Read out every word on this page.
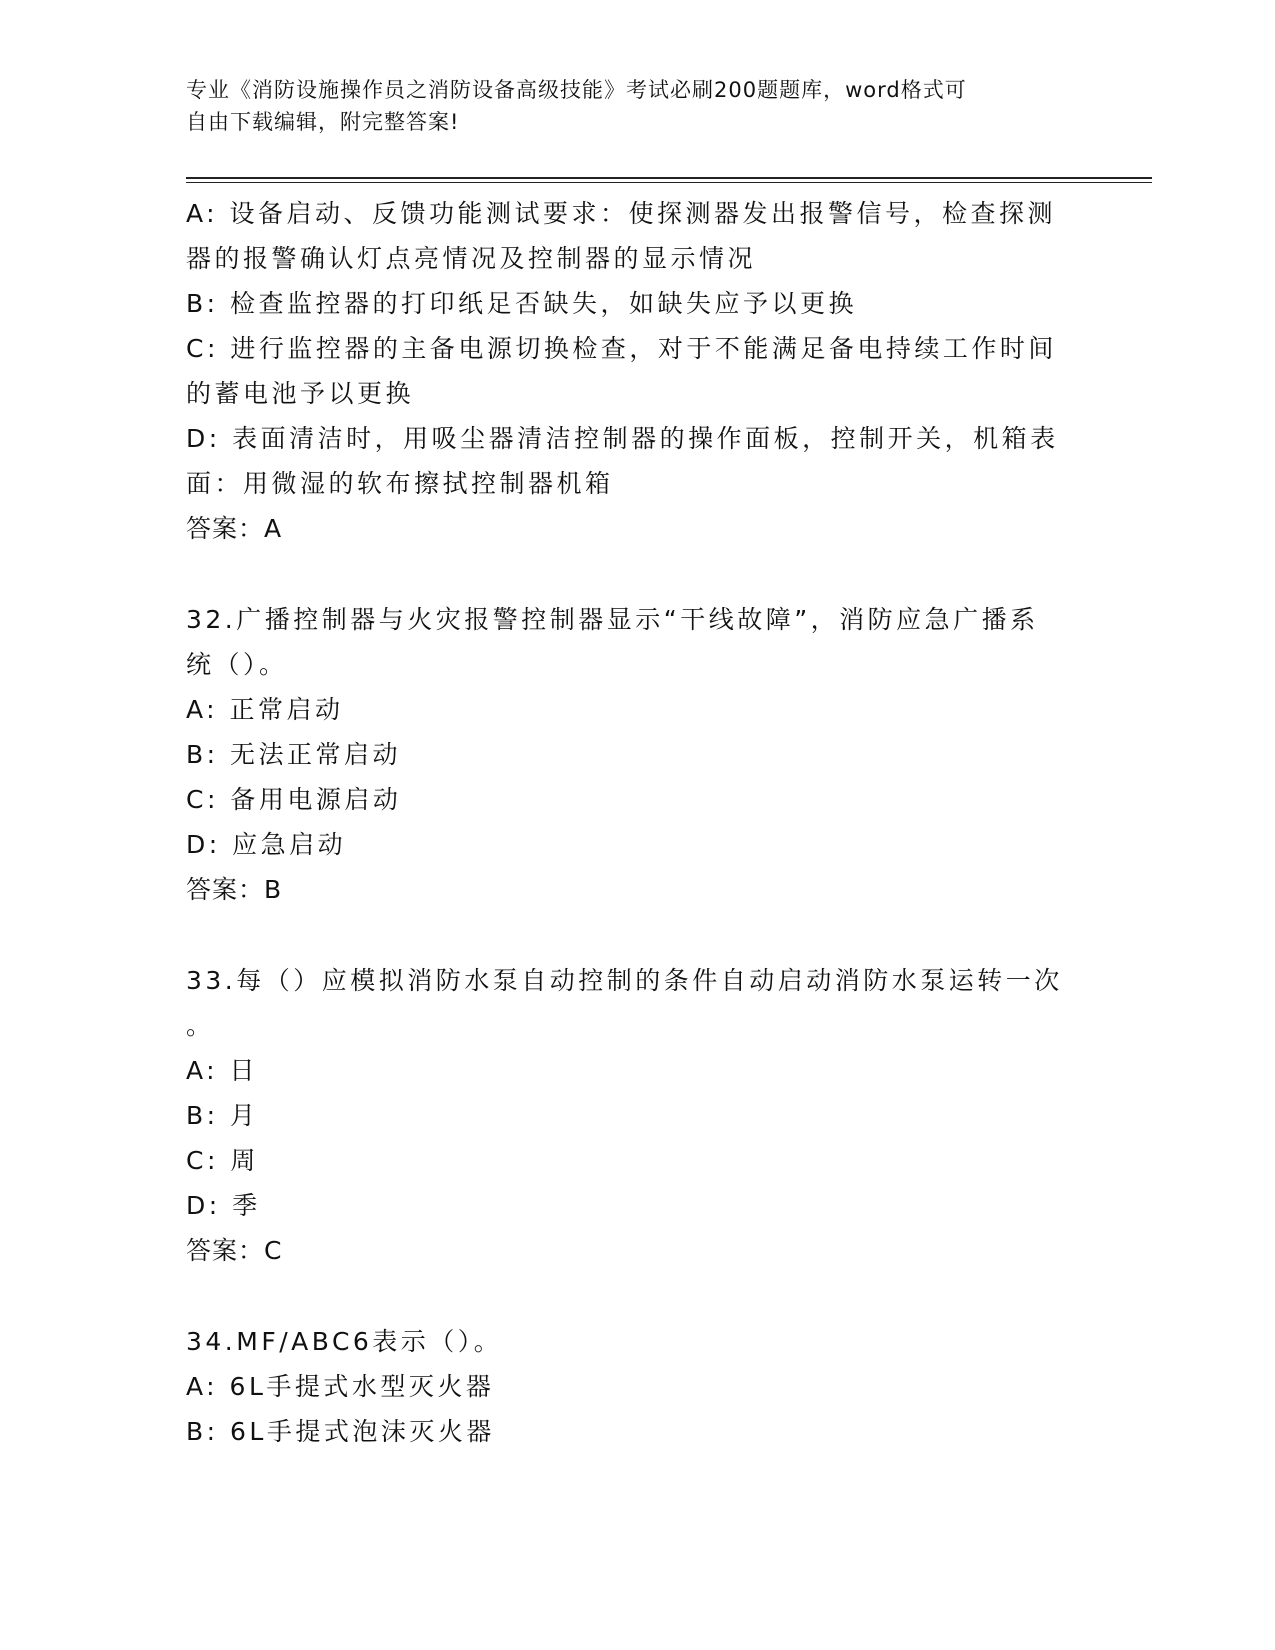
专业《消防设施操作员之消防设备高级技能》考试必刷200题题库，word格式可
自由下载编辑，附完整答案!
A: 设备启动、反馈功能测试要求：使探测器发出报警信号，检查探测
器的报警确认灯点亮情况及控制器的显示情况
B: 检查监控器的打印纸足否缺失，如缺失应予以更换
C: 进行监控器的主备电源切换检查，对于不能满足备电持续工作时间
的蓄电池予以更换
D: 表面清洁时，用吸尘器清洁控制器的操作面板，控制开关，机箱表
面：用微湿的软布擦拭控制器机箱
答案：A
32.广播控制器与火灾报警控制器显示“干线故障”，消防应急广播系
统（）。
A: 正常启动
B: 无法正常启动
C: 备用电源启动
D: 应急启动
答案：B
33.每（）应模拟消防水泵自动控制的条件自动启动消防水泵运转一次
。
A: 日
B: 月
C: 周
D: 季
答案：C
34.MF/ABC6表示（）。
A: 6L手提式水型灭火器
B: 6L手提式泡沫灭火器
